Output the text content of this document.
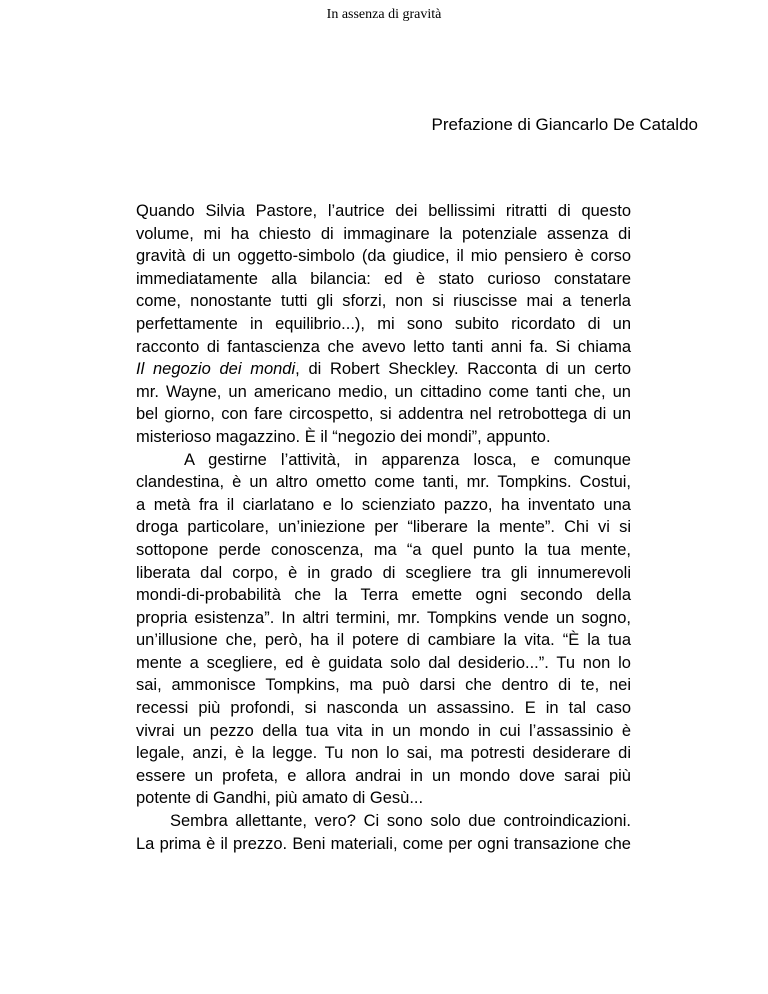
In assenza di gravità
Prefazione di Giancarlo De Cataldo
Quando Silvia Pastore, l’autrice dei bellissimi ritratti di questo
volume, mi ha chiesto di immaginare la potenziale assenza di
gravità di un oggetto-simbolo (da giudice, il mio pensiero è corso
immediatamente alla bilancia: ed è stato curioso constatare
come, nonostante tutti gli sforzi, non si riuscisse mai a tenerla
perfettamente in equilibrio...), mi sono subito ricordato di un
racconto di fantascienza che avevo letto tanti anni fa. Si chiama
Il negozio dei mondi, di Robert Sheckley. Racconta di un certo
mr. Wayne, un americano medio, un cittadino come tanti che, un
bel giorno, con fare circospetto, si addentra nel retrobottega di un
misterioso magazzino. È il “negozio dei mondi”, appunto.
A gestirne l’attività, in apparenza losca, e comunque
clandestina, è un altro ometto come tanti, mr. Tompkins. Costui,
a metà fra il ciarlatano e lo scienziato pazzo, ha inventato una
droga particolare, un’iniezione per “liberare la mente”. Chi vi si
sottopone perde conoscenza, ma “a quel punto la tua mente,
liberata dal corpo, è in grado di scegliere tra gli innumerevoli
mondi-di-probabilità che la Terra emette ogni secondo della
propria esistenza”. In altri termini, mr. Tompkins vende un sogno,
un’illusione che, però, ha il potere di cambiare la vita. “È la tua
mente a scegliere, ed è guidata solo dal desiderio...”. Tu non lo
sai, ammonisce Tompkins, ma può darsi che dentro di te, nei
recessi più profondi, si nasconda un assassino. E in tal caso
vivrai un pezzo della tua vita in un mondo in cui l’assassinio è
legale, anzi, è la legge. Tu non lo sai, ma potresti desiderare di
essere un profeta, e allora andrai in un mondo dove sarai più
potente di Gandhi, più amato di Gesù...
Sembra allettante, vero? Ci sono solo due controindicazioni.
La prima è il prezzo. Beni materiali, come per ogni transazione che
